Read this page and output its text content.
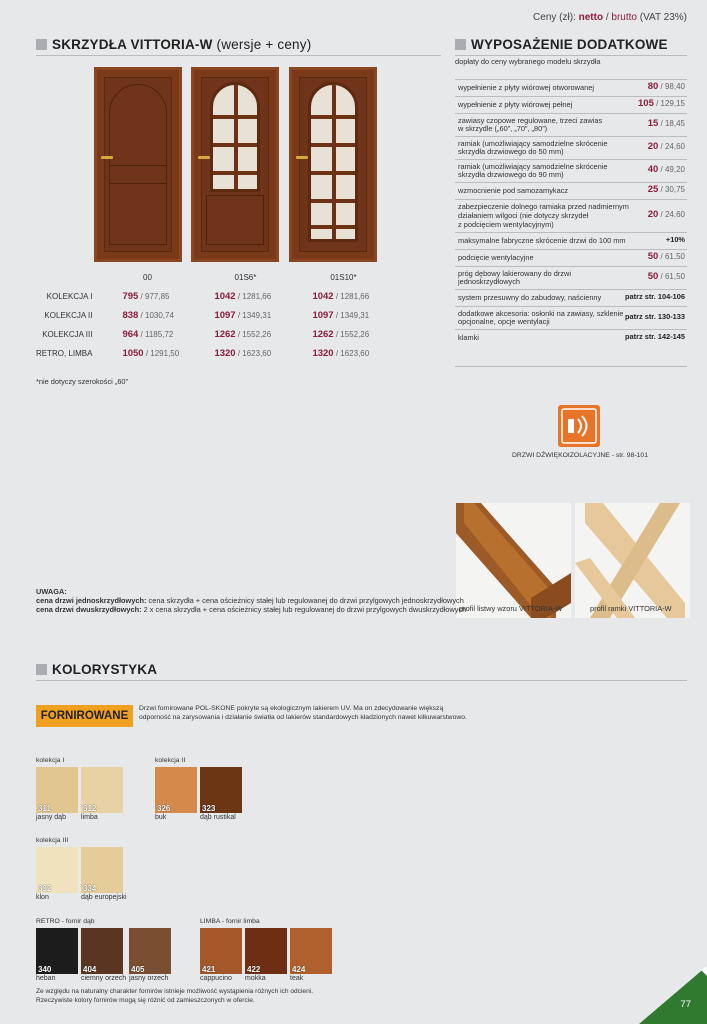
Ceny (zł): netto / brutto (VAT 23%)
SKRZYDŁA VITTORIA-W (wersje + ceny)	WYPOSAŻENIE DODATKOWE
dopłaty do ceny wybranego modelu skrzydła
	00	01S6*	01S10*
KOLEKCJA I	795 / 977,85	1042 / 1281,66	1042 / 1281,66
KOLEKCJA II	838 / 1030,74	1097 / 1349,31	1097 / 1349,31
KOLEKCJA III	964 / 1185,72	1262 / 1552,26	1262 / 1552,26
RETRO, LIMBA	1050 / 1291,50	1320 / 1623,60	1320 / 1623,60
*nie dotyczy szerokości „60”
wypełnienie z płyty wiórowej otworowanej	80 / 98,40
wypełnienie z płyty wiórowej pełnej	105 / 129,15
zawiasy czopowe regulowane, trzeci zawias
w skrzydle („60”, „70”, „80”)	15 / 18,45
ramiak (umożliwiający samodzielne skrócenie
skrzydła drzwiowego do 50 mm)	20 / 24,60
ramiak (umożliwiający samodzielne skrócenie
skrzydła drzwiowego do 90 mm)	40 / 49,20
wzmocnienie pod samozamykacz	25 / 30,75
zabezpieczenie dolnego ramiaka przed nadmiernym
działaniem wilgoci (nie dotyczy skrzydeł
z podcięciem wentylacyjnym)
20 / 24,60
maksymalne fabryczne skrócenie drzwi do 100 mm	+10%
podcięcie wentylacyjne	50 / 61,50
próg dębowy lakierowany do drzwi
jednoskrzydłowych	50 / 61,50
system przesuwny do zabudowy, naścienny	patrz str. 104-106
dodatkowe akcesoria: osłonki na zawiasy, szklenie
opcjonalne, opcje wentylacji
patrz str. 130-133
klamki	patrz str. 142-145
DRZWI DŹWIĘKOIZOLACYJNE - str. 98-101
profil listwy wzoru VITTORIA-W	profil ramki VITTORIA-W
UWAGA:
cena drzwi jednoskrzydłowych: cena skrzydła + cena ościeżnicy stałej lub regulowanej do drzwi przylgowych jednoskrzydłowych
cena drzwi dwuskrzydłowych: 2 x cena skrzydła + cena ościeżnicy stałej lub regulowanej do drzwi przylgowych dwuskrzydłowych
KOLORYSTYKA
FORNIROWANE
Drzwi fornirowane POL-SKONE pokryte są ekologicznym lakierem UV. Ma on zdecydowanie większą
odporność na zarysowania i działanie światła od lakierów standardowych kładzionych nawet kilkuwarstwowo.
kolekcja I
311
jasny dąb
312
limba
kolekcja II
326
buk
323
dąb rustikal
kolekcja III
332
klon
334
dąb europejski
RETRO - fornir dąb
340
heban
404
ciemny orzech
405
jasny orzech
LIMBA - fornir limba
421
cappucino
422
mokka
424
teak
Ze względu na naturalny charakter fornirów istnieje możliwość wystąpienia różnych ich odcieni.
Rzeczywiste kolory fornirów mogą się różnić od zamieszczonych w ofercie.	77
